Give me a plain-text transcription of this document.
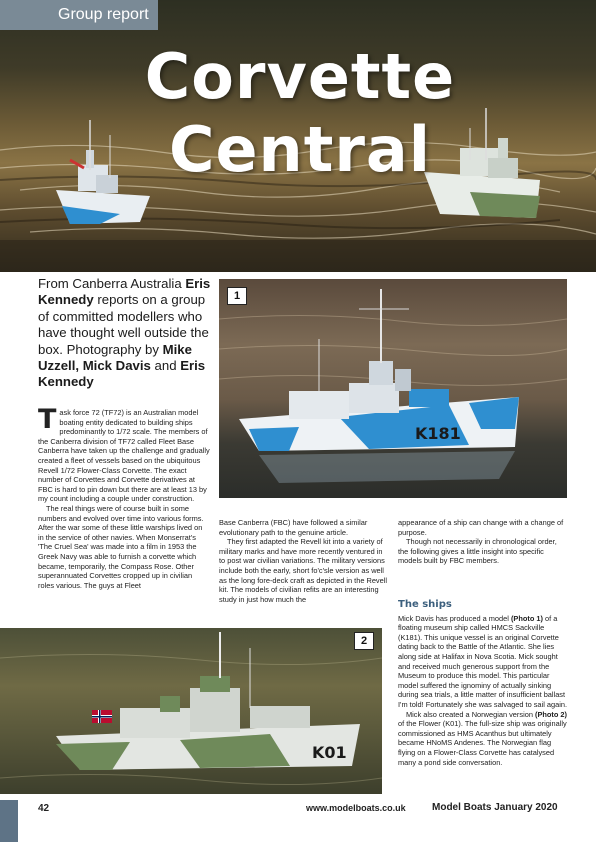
Group report
Corvette Central
From Canberra Australia Eris Kennedy reports on a group of committed modellers who have thought well outside the box. Photography by Mike Uzzell, Mick Davis and Eris Kennedy
1
K181
2
K01

Task force 72 (TF72) is an Australian model boating entity dedicated to building ships predominantly to 1/72 scale. The members of the Canberra division of TF72 called Fleet Base Canberra have taken up the challenge and gradually created a fleet of vessels based on the ubiquitous Revell 1/72 Flower-Class Corvette. The exact number of Corvettes and Corvette derivatives at FBC is hard to pin down but there are at least 13 by my count including a couple under construction.

The real things were of course built in some numbers and evolved over time into various forms. After the war some of these little warships lived on in the service of other navies. When Monserrat's 'The Cruel Sea' was made into a film in 1953 the Greek Navy was able to furnish a corvette which became, temporarily, the Compass Rose. Other superannuated Corvettes cropped up in civilian roles various. The guys at Fleet

Base Canberra (FBC) have followed a similar evolutionary path to the genuine article.

They first adapted the Revell kit into a variety of military marks and have more recently ventured in to post war civilian variations. The military versions include both the early, short fo'c'sle version as well as the long fore-deck craft as depicted in the Revell kit. The models of civilian refits are an interesting study in just how much the

appearance of a ship can change with a change of purpose.

Though not necessarily in chronological order, the following gives a little insight into specific models built by FBC members.

The ships

Mick Davis has produced a model (Photo 1) of a floating museum ship called HMCS Sackville (K181). This unique vessel is an original Corvette dating back to the Battle of the Atlantic. She lies along side at Halifax in Nova Scotia. Mick sought and received much generous support from the Museum to produce this model. This particular model suffered the ignominy of actually sinking during sea trials, a little matter of insufficient ballast I'm told! Fortunately she was salvaged to sail again.

Mick also created a Norwegian version (Photo 2) of the Flower (K01). The full-size ship was originally commissioned as HMS Acanthus but ultimately became HNoMS Andenes. The Norwegian flag flying on a Flower-Class Corvette has catalysed many a pond side conversation.

42	www.modelboats.co.uk	Model Boats January 2020
